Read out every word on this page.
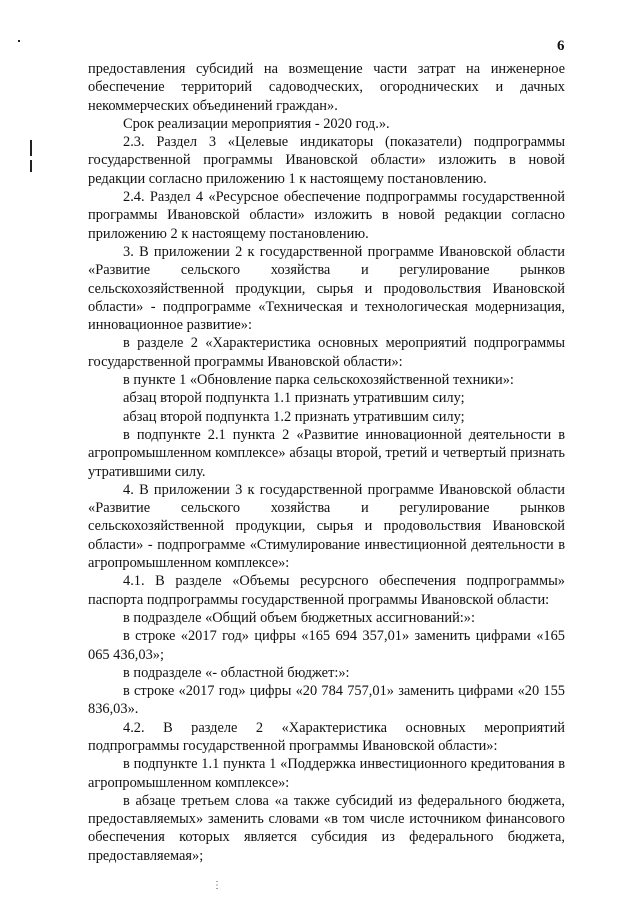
6
⋮

предоставления субсидий на возмещение части затрат на инженерное обеспечение территорий садоводческих, огороднических и дачных некоммерческих объединений граждан».

Срок реализации мероприятия - 2020 год.».

2.3. Раздел 3 «Целевые индикаторы (показатели) подпрограммы государственной программы Ивановской области» изложить в новой редакции согласно приложению 1 к настоящему постановлению.

2.4. Раздел 4 «Ресурсное обеспечение подпрограммы государственной программы Ивановской области» изложить в новой редакции согласно приложению 2 к настоящему постановлению.

3. В приложении 2 к государственной программе Ивановской области «Развитие сельского хозяйства и регулирование рынков сельскохозяйственной продукции, сырья и продовольствия Ивановской области» - подпрограмме «Техническая и технологическая модернизация, инновационное развитие»:

в разделе 2 «Характеристика основных мероприятий подпрограммы государственной программы Ивановской области»:

в пункте 1 «Обновление парка сельскохозяйственной техники»:

абзац второй подпункта 1.1 признать утратившим силу;

абзац второй подпункта 1.2 признать утратившим силу;

в подпункте 2.1 пункта 2 «Развитие инновационной деятельности в агропромышленном комплексе» абзацы второй, третий и четвертый признать утратившими силу.

4. В приложении 3 к государственной программе Ивановской области «Развитие сельского хозяйства и регулирование рынков сельскохозяйственной продукции, сырья и продовольствия Ивановской области» - подпрограмме «Стимулирование инвестиционной деятельности в агропромышленном комплексе»:

4.1. В разделе «Объемы ресурсного обеспечения подпрограммы» паспорта подпрограммы государственной программы Ивановской области:

в подразделе «Общий объем бюджетных ассигнований:»:

в строке «2017 год» цифры «165 694 357,01» заменить цифрами «165 065 436,03»;

в подразделе «- областной бюджет:»:

в строке «2017 год» цифры «20 784 757,01» заменить цифрами «20 155 836,03».

4.2. В разделе 2 «Характеристика основных мероприятий подпрограммы государственной программы Ивановской области»:

в подпункте 1.1 пункта 1 «Поддержка инвестиционного кредитования в агропромышленном комплексе»:

в абзаце третьем слова «а также субсидий из федерального бюджета, предоставляемых» заменить словами «в том числе источником финансового обеспечения которых является субсидия из федерального бюджета, предоставляемая»;
